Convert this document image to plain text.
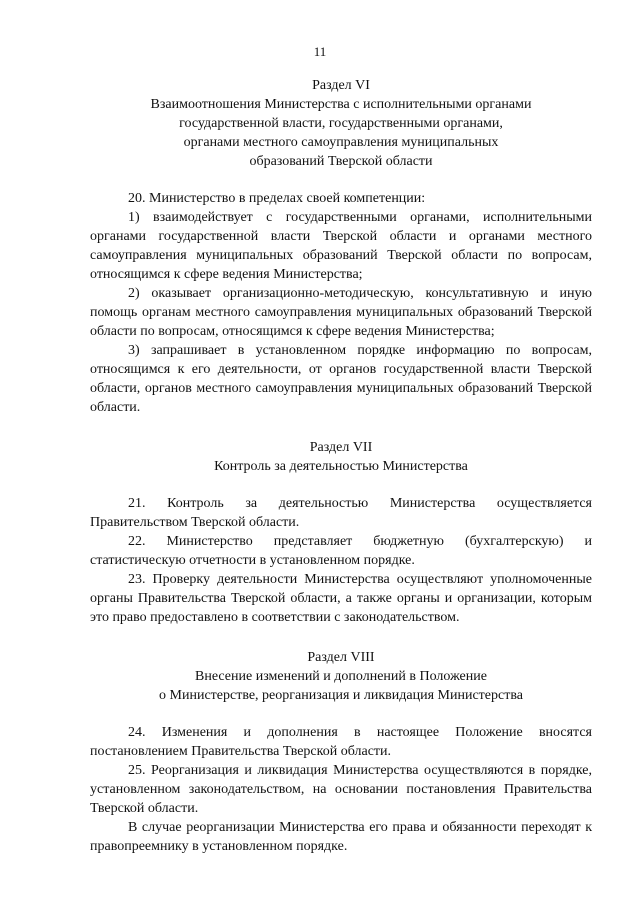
11

Раздел VI

Взаимоотношения Министерства с исполнительными органами

государственной власти, государственными органами,

органами местного самоуправления муниципальных

образований Тверской области

20. Министерство в пределах своей компетенции:

1) взаимодействует с государственными органами, исполнительными органами государственной власти Тверской области и органами местного самоуправления муниципальных образований Тверской области по вопросам, относящимся к сфере ведения Министерства;

2) оказывает организационно-методическую, консультативную и иную помощь органам местного самоуправления муниципальных образований Тверской области по вопросам, относящимся к сфере ведения Министерства;

3) запрашивает в установленном порядке информацию по вопросам, относящимся к его деятельности, от органов государственной власти Тверской области, органов местного самоуправления муниципальных образований Тверской области.

Раздел VII

Контроль за деятельностью Министерства

21. Контроль за деятельностью Министерства осуществляется Правительством Тверской области.

22. Министерство представляет бюджетную (бухгалтерскую) и статистическую отчетности в установленном порядке.

23. Проверку деятельности Министерства осуществляют уполномоченные органы Правительства Тверской области, а также органы и организации, которым это право предоставлено в соответствии с законодательством.

Раздел VIII

Внесение изменений и дополнений в Положение

о Министерстве, реорганизация и ликвидация Министерства

24. Изменения и дополнения в настоящее Положение вносятся постановлением Правительства Тверской области.

25. Реорганизация и ликвидация Министерства осуществляются в порядке, установленном законодательством, на основании постановления Правительства Тверской области.

В случае реорганизации Министерства его права и обязанности переходят к правопреемнику в установленном порядке.
